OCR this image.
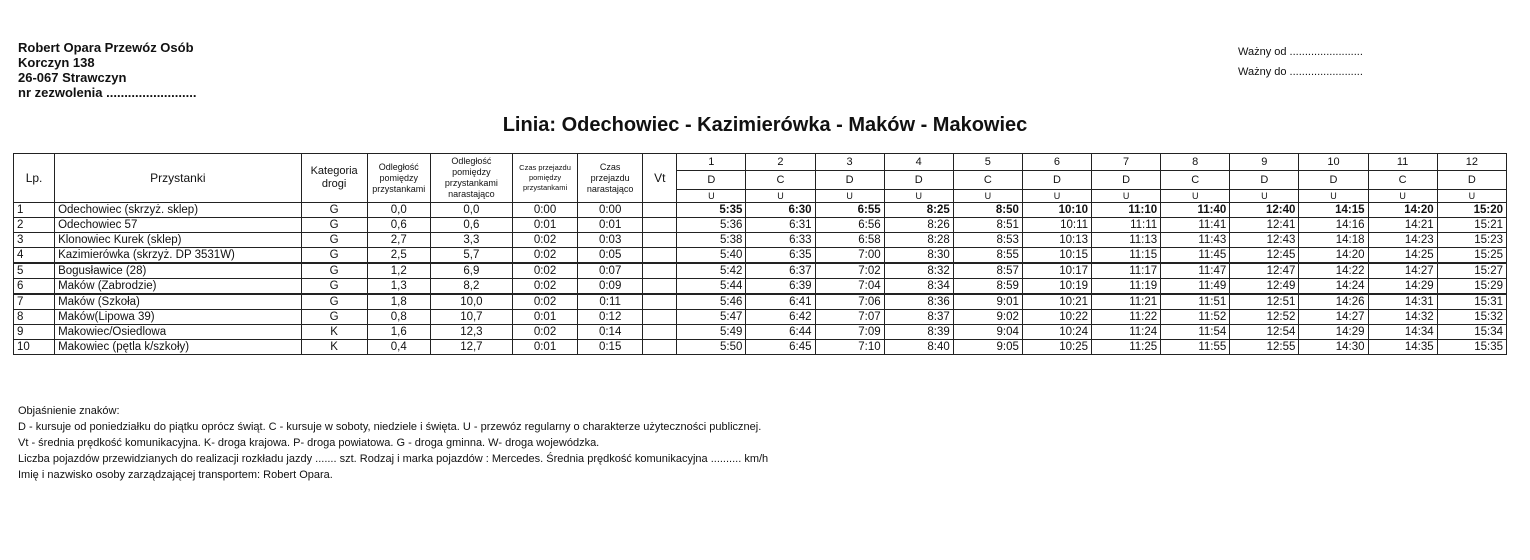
Robert Opara Przewóz Osób
Korczyn 138
26-067 Strawczyn
nr zezwolenia .........................
Ważny od ........................
Ważny do ........................
Linia: Odechowiec - Kazimierówka - Maków - Makowiec
Lp.	Przystanki	Kategoria drogi	Odległość pomiędzy przystankami	Odległość pomiędzy przystankami narastająco	Czas przejazdu pomiędzy przystankami	Czas przejazdu narastająco	Vt	1	2	3	4	5	6	7	8	9	10	11	12
								D	C	D	D	C	D	D	C	D	D	C	D
								U	U	U	U	U	U	U	U	U	U	U	U
1	Odechowiec (skrzyż. sklep)	G	0,0	0,0	0:00	0:00		5:35	6:30	6:55	8:25	8:50	10:10	11:10	11:40	12:40	14:15	14:20	15:20
2	Odechowiec 57	G	0,6	0,6	0:01	0:01		5:36	6:31	6:56	8:26	8:51	10:11	11:11	11:41	12:41	14:16	14:21	15:21
3	Klonowiec Kurek (sklep)	G	2,7	3,3	0:02	0:03		5:38	6:33	6:58	8:28	8:53	10:13	11:13	11:43	12:43	14:18	14:23	15:23
4	Kazimierówka (skrzyż. DP 3531W)	G	2,5	5,7	0:02	0:05		5:40	6:35	7:00	8:30	8:55	10:15	11:15	11:45	12:45	14:20	14:25	15:25
5	Bogusławice (28)	G	1,2	6,9	0:02	0:07		5:42	6:37	7:02	8:32	8:57	10:17	11:17	11:47	12:47	14:22	14:27	15:27
6	Maków (Zabrodzie)	G	1,3	8,2	0:02	0:09		5:44	6:39	7:04	8:34	8:59	10:19	11:19	11:49	12:49	14:24	14:29	15:29
7	Maków (Szkoła)	G	1,8	10,0	0:02	0:11		5:46	6:41	7:06	8:36	9:01	10:21	11:21	11:51	12:51	14:26	14:31	15:31
8	Maków(Lipowa 39)	G	0,8	10,7	0:01	0:12		5:47	6:42	7:07	8:37	9:02	10:22	11:22	11:52	12:52	14:27	14:32	15:32
9	Makowiec/Osiedlowa	K	1,6	12,3	0:02	0:14		5:49	6:44	7:09	8:39	9:04	10:24	11:24	11:54	12:54	14:29	14:34	15:34
10	Makowiec (pętla k/szkoły)	K	0,4	12,7	0:01	0:15		5:50	6:45	7:10	8:40	9:05	10:25	11:25	11:55	12:55	14:30	14:35	15:35
Objaśnienie znaków:
D - kursuje od poniedziałku do piątku oprócz świąt. C - kursuje w soboty, niedziele i święta. U - przewóz regularny o charakterze użyteczności publicznej.
Vt - średnia prędkość komunikacyjna. K- droga krajowa. P- droga powiatowa. G - droga gminna. W- droga wojewódzka.
Liczba pojazdów przewidzianych do realizacji rozkładu jazdy ....... szt. Rodzaj i marka pojazdów : Mercedes. Średnia prędkość komunikacyjna .......... km/h
Imię i nazwisko osoby zarządzającej transportem: Robert Opara.
